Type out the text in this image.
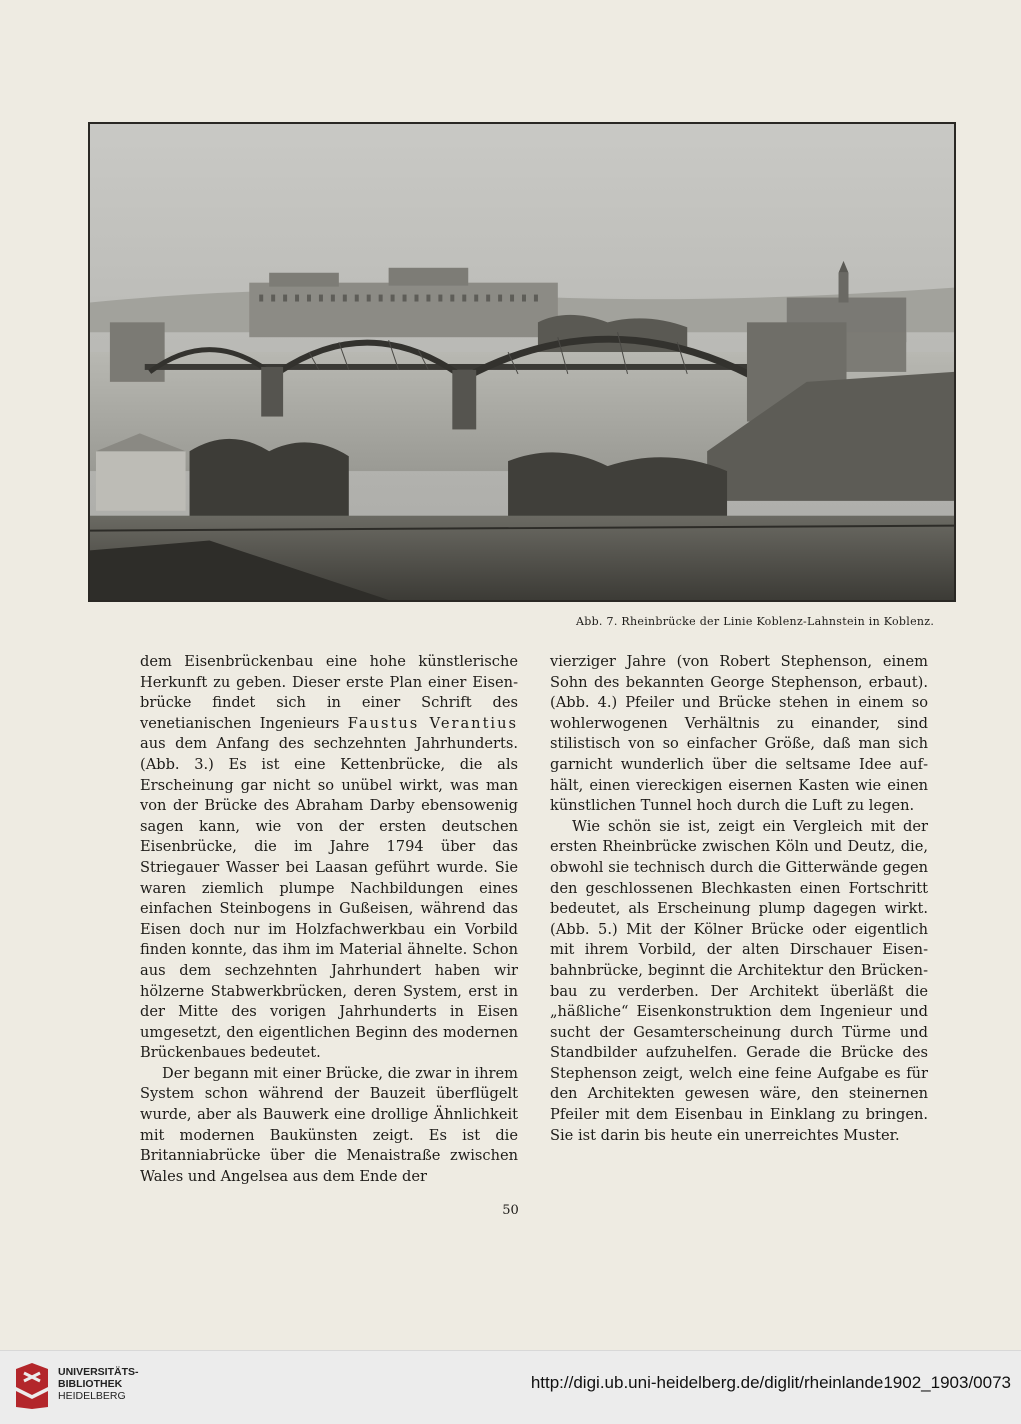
Abb. 7. Rheinbrücke der Linie Koblenz-Lahnstein in Koblenz.

dem Eisenbrückenbau eine hohe künstlerische Herkunft zu geben. Dieser erste Plan einer Eisenbrücke findet sich in einer Schrift des venetianischen Ingenieurs Faustus Verantius aus dem Anfang des sechzehnten Jahrhunderts. (Abb. 3.) Es ist eine Kettenbrücke, die als Erscheinung gar nicht so unübel wirkt, was man von der Brücke des Abraham Darby ebensowenig sagen kann, wie von der ersten deutschen Eisenbrücke, die im Jahre 1794 über das Striegauer Wasser bei Laasan geführt wurde. Sie waren ziemlich plumpe Nachbildungen eines einfachen Steinbogens in Gußeisen, während das Eisen doch nur im Holzfachwerkbau ein Vorbild finden konnte, das ihm im Material ähnelte. Schon aus dem sechzehnten Jahrhundert haben wir hölzerne Stabwerkbrücken, deren System, erst in der Mitte des vorigen Jahrhunderts in Eisen umgesetzt, den eigentlichen Beginn des modernen Brückenbaues bedeutet.

Der begann mit einer Brücke, die zwar in ihrem System schon während der Bauzeit überflügelt wurde, aber als Bauwerk eine drollige Ähnlichkeit mit modernen Baukünsten zeigt. Es ist die Britanniabrücke über die Menaistraße zwischen Wales und Angelsea aus dem Ende der

vierziger Jahre (von Robert Stephenson, einem Sohn des bekannten George Stephenson, erbaut). (Abb. 4.) Pfeiler und Brücke stehen in einem so wohlerwogenen Verhältnis zu einander, sind stilistisch von so einfacher Größe, daß man sich garnicht wunderlich über die seltsame Idee aufhält, einen viereckigen eisernen Kasten wie einen künstlichen Tunnel hoch durch die Luft zu legen.

Wie schön sie ist, zeigt ein Vergleich mit der ersten Rheinbrücke zwischen Köln und Deutz, die, obwohl sie technisch durch die Gitterwände gegen den geschlossenen Blechkasten einen Fortschritt bedeutet, als Erscheinung plump dagegen wirkt. (Abb. 5.) Mit der Kölner Brücke oder eigentlich mit ihrem Vorbild, der alten Dirschauer Eisenbahnbrücke, beginnt die Architektur den Brückenbau zu verderben. Der Architekt überläßt die „häßliche“ Eisenkonstruktion dem Ingenieur und sucht der Gesamterscheinung durch Türme und Standbilder aufzuhelfen. Gerade die Brücke des Stephenson zeigt, welch eine feine Aufgabe es für den Architekten gewesen wäre, den steinernen Pfeiler mit dem Eisenbau in Einklang zu bringen. Sie ist darin bis heute ein unerreichtes Muster.

50
UNIVERSITÄTS-
BIBLIOTHEK
HEIDELBERG
http://digi.ub.uni-heidelberg.de/diglit/rheinlande1902_1903/0073
